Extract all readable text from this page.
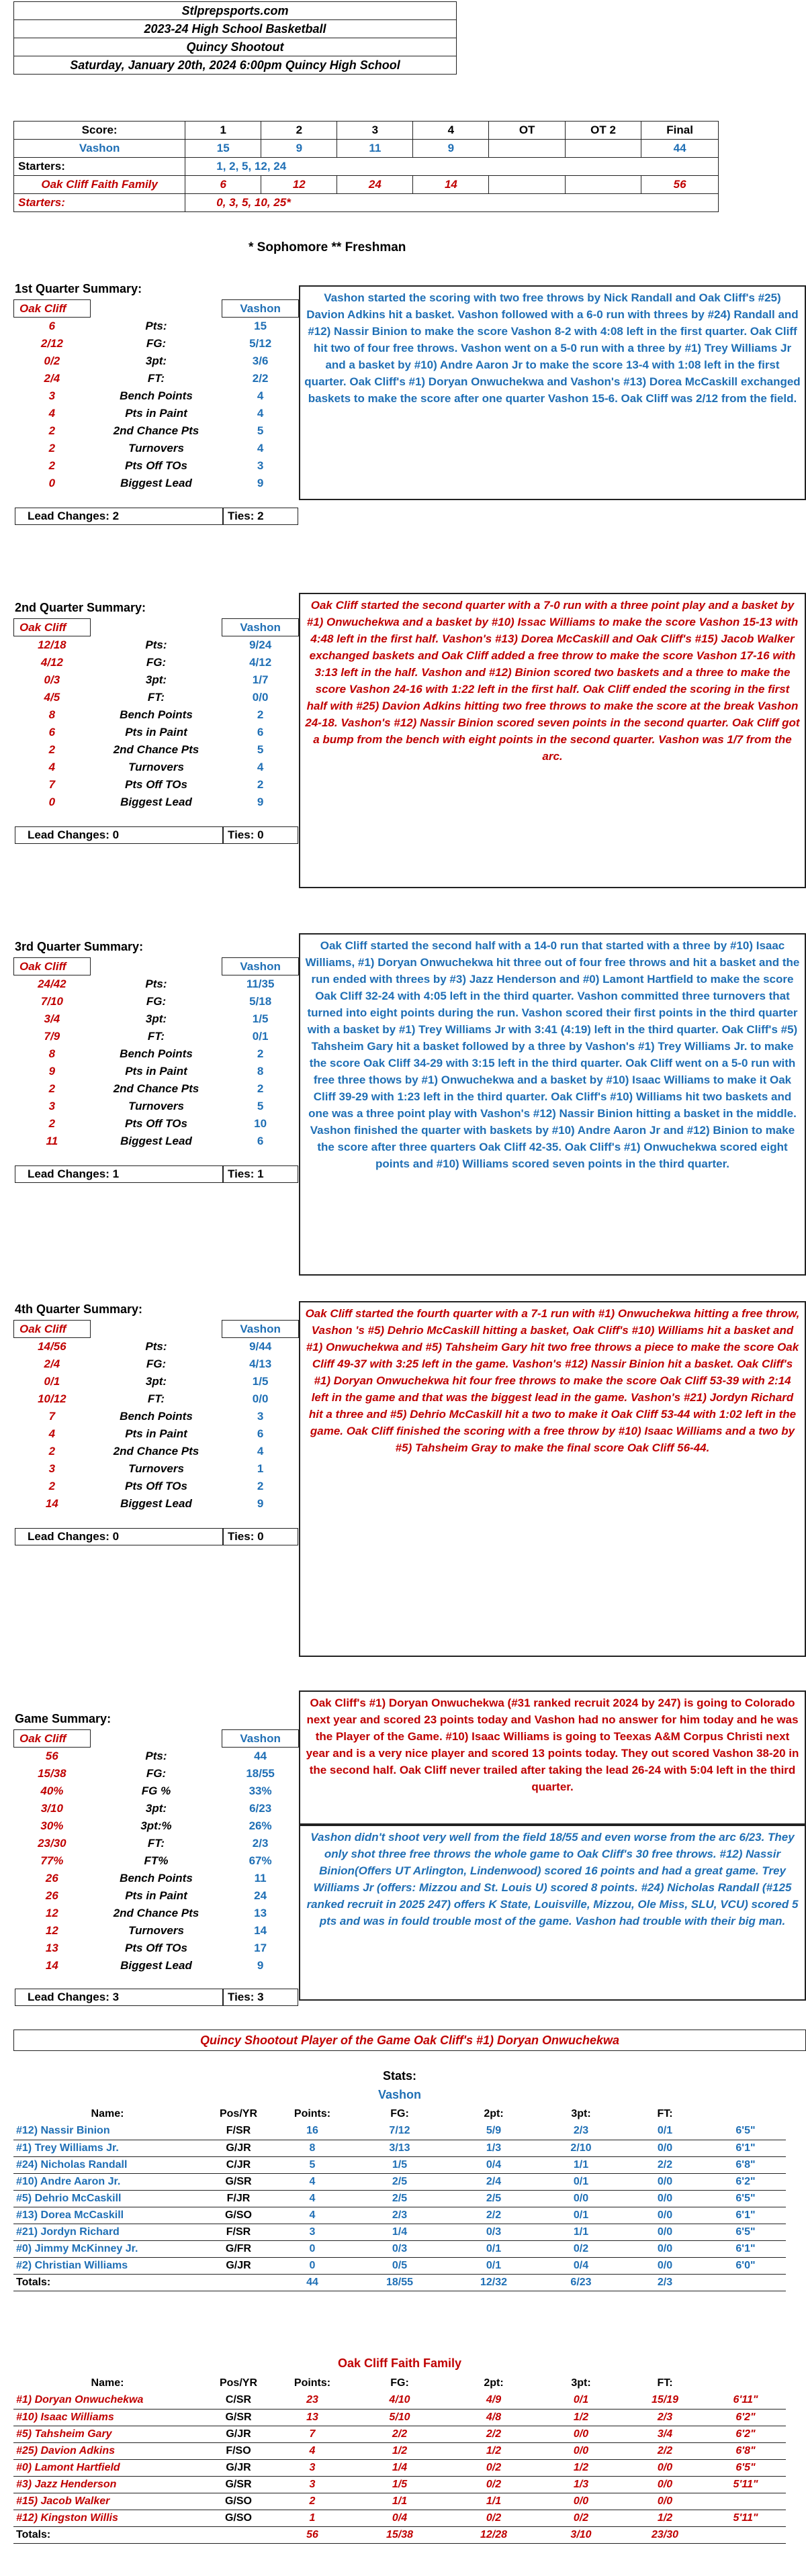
Stlprepsports.com
2023-24 High School Basketball
Quincy Shootout
Saturday, January 20th, 2024 6:00pm Quincy High School
Score:	1	2	3	4	OT	OT 2	Final
Vashon	15	9	11	9			44
Starters:	1, 2, 5, 12, 24						
Oak Cliff Faith Family	6	12	24	14			56
Starters:	0, 3, 5, 10, 25*						
* Sophomore ** Freshman
1st Quarter Summary:
Oak Cliff		Vashon
6	Pts:	15
2/12	FG:	5/12
0/2	3pt:	3/6
2/4	FT:	2/2
3	Bench Points	4
4	Pts in Paint	4
2	2nd Chance Pts	5
2	Turnovers	4
2	Pts Off TOs	3
0	Biggest Lead	9
Lead Changes: 2	Ties: 2
Vashon started the scoring with two free throws by Nick Randall and Oak Cliff's #25) Davion Adkins hit a basket. Vashon followed with a 6-0 run with threes by #24) Randall and #12) Nassir Binion to make the score Vashon 8-2 with 4:08 left in the first quarter. Oak Cliff hit two of four free throws. Vashon went on a 5-0 run with a three by #1) Trey Williams Jr and a basket by #10) Andre Aaron Jr to make the score 13-4 with 1:08 left in the first quarter. Oak Cliff's #1) Doryan Onwuchekwa and Vashon's #13) Dorea McCaskill exchanged baskets to make the score after one quarter Vashon 15-6. Oak Cliff was 2/12 from the field.
2nd Quarter Summary:
Oak Cliff		Vashon
12/18	Pts:	9/24
4/12	FG:	4/12
0/3	3pt:	1/7
4/5	FT:	0/0
8	Bench Points	2
6	Pts in Paint	6
2	2nd Chance Pts	5
4	Turnovers	4
7	Pts Off TOs	2
0	Biggest Lead	9
Lead Changes: 0	Ties: 0
Oak Cliff started the second quarter with a 7-0 run with a three point play and a basket by #1) Onwuchekwa and a basket by #10) Issac Williams to make the score Vashon 15-13 with 4:48 left in the first half. Vashon's #13) Dorea McCaskill and Oak Cliff's #15) Jacob Walker exchanged baskets and Oak Cliff added a free throw to make the score Vashon 17-16 with 3:13 left in the half. Vashon and #12) Binion scored two baskets and a three to make the score Vashon 24-16 with 1:22 left in the first half. Oak Cliff ended the scoring in the first half with #25) Davion Adkins hitting two free throws to make the score at the break Vashon 24-18. Vashon's #12) Nassir Binion scored seven points in the second quarter. Oak Cliff got a bump from the bench with eight points in the second quarter. Vashon was 1/7 from the arc.
3rd Quarter Summary:
Oak Cliff		Vashon
24/42	Pts:	11/35
7/10	FG:	5/18
3/4	3pt:	1/5
7/9	FT:	0/1
8	Bench Points	2
9	Pts in Paint	8
2	2nd Chance Pts	2
3	Turnovers	5
2	Pts Off TOs	10
11	Biggest Lead	6
Lead Changes: 1	Ties: 1
Oak Cliff started the second half with a 14-0 run that started with a three by #10) Isaac Williams, #1) Doryan Onwuchekwa hit three out of four free throws and hit a basket and the run ended with threes by #3) Jazz Henderson and #0) Lamont Hartfield to make the score Oak Cliff 32-24 with 4:05 left in the third quarter. Vashon committed three turnovers that turned into eight points during the run. Vashon scored their first points in the third quarter with a basket by #1) Trey Williams Jr with 3:41 (4:19) left in the third quarter. Oak Cliff's #5) Tahsheim Gary hit a basket followed by a three by Vashon's #1) Trey Williams Jr. to make the score Oak Cliff 34-29 with 3:15 left in the third quarter. Oak Cliff went on a 5-0 run with free three thows by #1) Onwuchekwa and a basket by #10) Isaac Williams to make it Oak Cliff 39-29 with 1:23 left in the third quarter. Oak Cliff's #10) Williams hit two baskets and one was a three point play with Vashon's #12) Nassir Binion hitting a basket in the middle. Vashon finished the quarter with baskets by #10) Andre Aaron Jr and #12) Binion to make the score after three quarters Oak Cliff 42-35. Oak Cliff's #1) Onwuchekwa scored eight points and #10) Williams scored seven points in the third quarter.
4th Quarter Summary:
Oak Cliff		Vashon
14/56	Pts:	9/44
2/4	FG:	4/13
0/1	3pt:	1/5
10/12	FT:	0/0
7	Bench Points	3
4	Pts in Paint	6
2	2nd Chance Pts	4
3	Turnovers	1
2	Pts Off TOs	2
14	Biggest Lead	9
Lead Changes: 0	Ties: 0
Oak Cliff started the fourth quarter with a 7-1 run with #1) Onwuchekwa hitting a free throw, Vashon 's #5) Dehrio McCaskill hitting a basket, Oak Cliff's #10) Williams hit a basket and #1) Onwuchekwa and #5) Tahsheim Gary hit two free throws a piece to make the score Oak Cliff 49-37 with 3:25 left in the game. Vashon's #12) Nassir Binion hit a basket. Oak Cliff's #1) Doryan Onwuchekwa hit four free throws to make the score Oak Cliff 53-39 with 2:14 left in the game and that was the biggest lead in the game. Vashon's #21) Jordyn Richard hit a three and #5) Dehrio McCaskill hit a two to make it Oak Cliff 53-44 with 1:02 left in the game. Oak Cliff finished the scoring with a free throw by #10) Isaac Williams and a two by #5) Tahsheim Gray to make the final score Oak Cliff 56-44.
Game Summary:
Oak Cliff		Vashon
56	Pts:	44
15/38	FG:	18/55
40%	FG %	33%
3/10	3pt:	6/23
30%	3pt:%	26%
23/30	FT:	2/3
77%	FT%	67%
26	Bench Points	11
26	Pts in Paint	24
12	2nd Chance Pts	13
12	Turnovers	14
13	Pts Off TOs	17
14	Biggest Lead	9
Lead Changes: 3	Ties: 3
Oak Cliff's #1) Doryan Onwuchekwa (#31 ranked recruit 2024 by 247) is going to Colorado next year and scored 23 points today and Vashon had no answer for him today and he was the Player of the Game. #10) Isaac Williams is going to Teexas A&M Corpus Christi next year and is a very nice player and scored 13 points today. They out scored Vashon 38-20 in the second half. Oak Cliff never trailed after taking the lead 26-24 with 5:04 left in the third quarter.
Vashon didn't shoot very well from the field 18/55 and even worse from the arc 6/23. They only shot three free throws the whole game to Oak Cliff's 30 free throws. #12) Nassir Binion(Offers UT Arlington, Lindenwood) scored 16 points and had a great game. Trey Williams Jr (offers: Mizzou and St. Louis U) scored 8 points. #24) Nicholas Randall (#125 ranked recruit in 2025 247) offers K State, Louisville, Mizzou, Ole Miss, SLU, VCU) scored 5 pts and was in fould trouble most of the game. Vashon had trouble with their big man.
Quincy Shootout Player of the Game Oak Cliff's #1) Doryan Onwuchekwa
Stats:
Vashon
Name:	Pos/YR	Points:	FG:	2pt:	3pt:	FT:	
#12) Nassir Binion	F/SR	16	7/12	5/9	2/3	0/1	6'5"
#1) Trey Williams Jr.	G/JR	8	3/13	1/3	2/10	0/0	6'1"
#24) Nicholas Randall	C/JR	5	1/5	0/4	1/1	2/2	6'8"
#10) Andre Aaron Jr.	G/SR	4	2/5	2/4	0/1	0/0	6'2"
#5) Dehrio McCaskill	F/JR	4	2/5	2/5	0/0	0/0	6'5"
#13) Dorea McCaskill	G/SO	4	2/3	2/2	0/1	0/0	6'1"
#21) Jordyn Richard	F/SR	3	1/4	0/3	1/1	0/0	6'5"
#0) Jimmy McKinney Jr.	G/FR	0	0/3	0/1	0/2	0/0	6'1"
#2) Christian Williams	G/JR	0	0/5	0/1	0/4	0/0	6'0"
Totals:		44	18/55	12/32	6/23	2/3	
Oak Cliff Faith Family
Name:	Pos/YR	Points:	FG:	2pt:	3pt:	FT:	
#1) Doryan Onwuchekwa	C/SR	23	4/10	4/9	0/1	15/19	6'11"
#10) Isaac Williams	G/SR	13	5/10	4/8	1/2	2/3	6'2"
#5) Tahsheim Gary	G/JR	7	2/2	2/2	0/0	3/4	6'2"
#25) Davion Adkins	F/SO	4	1/2	1/2	0/0	2/2	6'8"
#0) Lamont Hartfield	G/JR	3	1/4	0/2	1/2	0/0	6'5"
#3) Jazz Henderson	G/SR	3	1/5	0/2	1/3	0/0	5'11"
#15) Jacob Walker	G/SO	2	1/1	1/1	0/0	0/0	
#12) Kingston Willis	G/SO	1	0/4	0/2	0/2	1/2	5'11"
Totals:		56	15/38	12/28	3/10	23/30	
